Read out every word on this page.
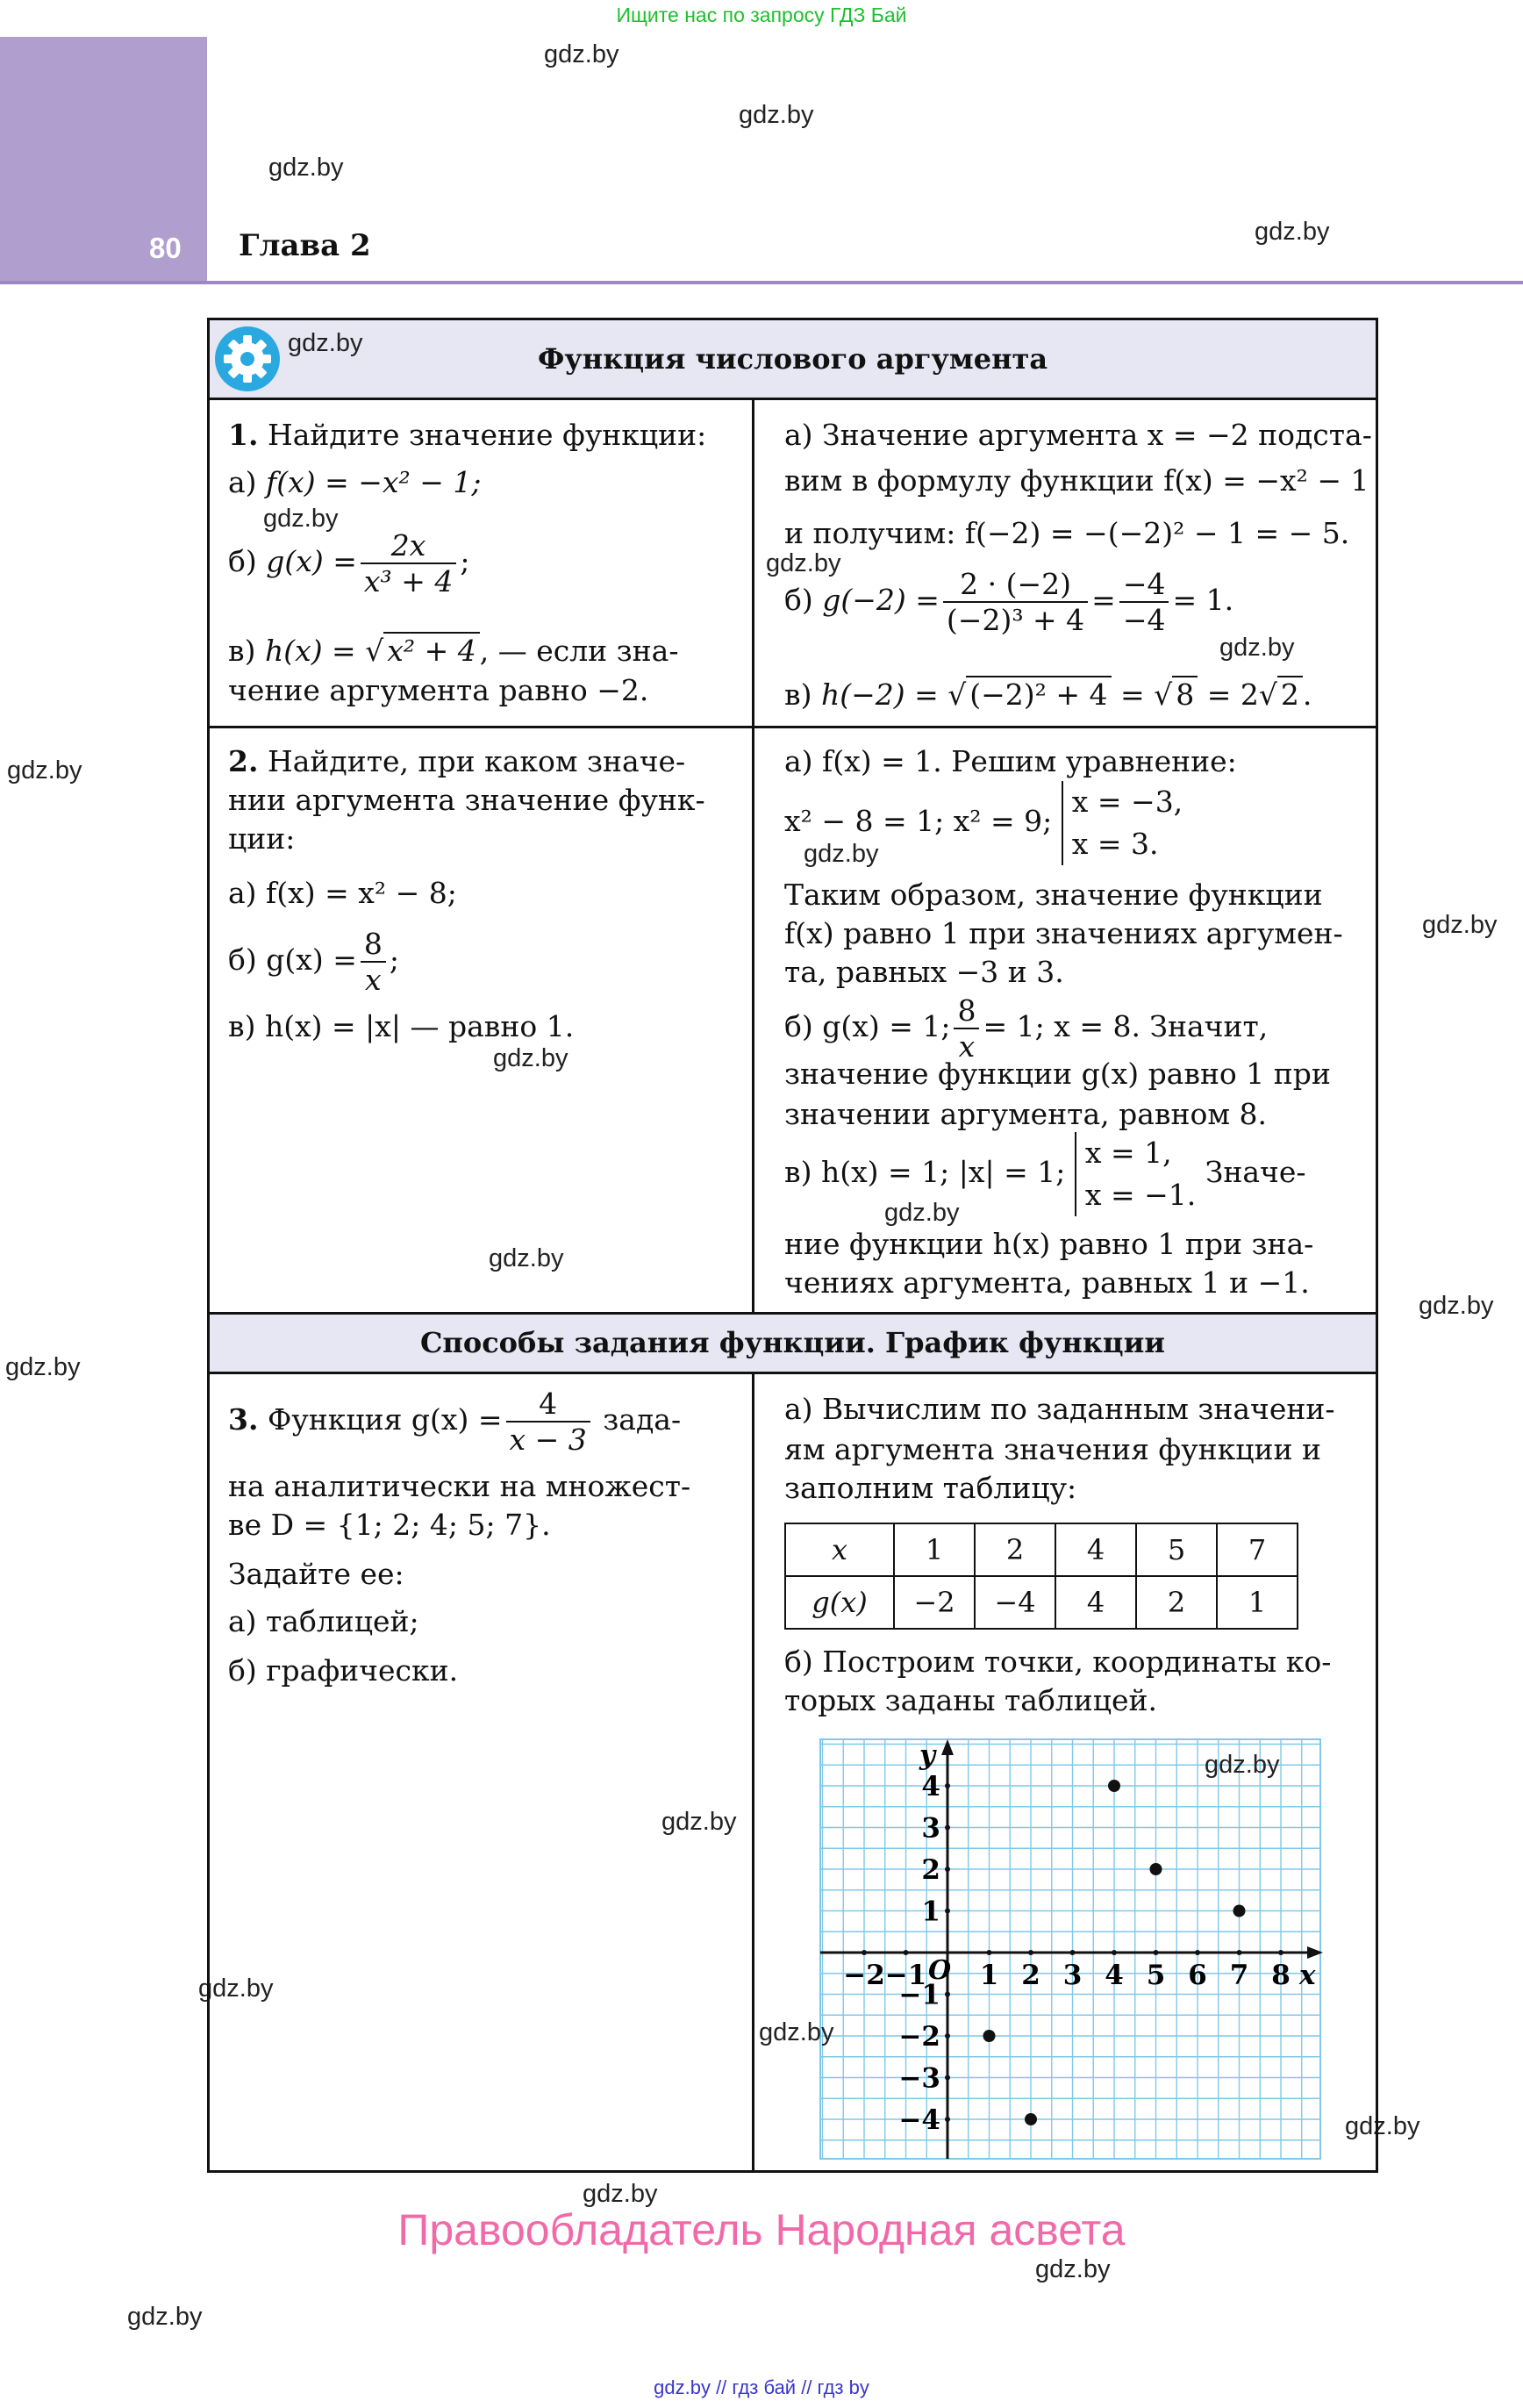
Ищите нас по запросу ГДЗ Бай
80 Глава 2
gdz.by
gdz.by
gdz.by
gdz.by
gdz.by
gdz.by
gdz.by
gdz.by
gdz.by
gdz.by
gdz.by
gdz.by
gdz.by
Функция числового аргумента
Способы задания функции. График функции
gdz.by
1. Найдите значение функции:
а) f(x) = −x² − 1;
gdz.by
б) $g(x) = \frac{2x}{\text{x³ + 4}}$ ;
в) h(x) = √ x² + 4 , — если зна-
чение аргумента равно −2.
а) Значение аргумента x = −2 подста-
вим в формулу функции f(x) = −x² − 1
и получим: f(−2) = −(−2)² − 1 = − 5.
gdz.by
б) $g(-2) = \frac{2 \cdot (-2)}{\text{(−2)³ + 4}} = \frac{-4}{-4} = 1$.
gdz.by
в) h(−2) = √ (−2)² + 4 = √ 8 = 2√ 2 .
2. Найдите, при каком значе-
нии аргумента значение функ-
ции:
а) f(x) = x² − 8;
б) $g(x) = \frac{8}{x}$ ;
в) h(x) = |x| — равно 1.
gdz.by
gdz.by
а) f(x) = 1. Решим уравнение:
x² − 8 = 1; x² = 9; x = −3,
x = 3.
gdz.by
Таким образом, значение функции
f(x) равно 1 при значениях аргумен-
та, равных −3 и 3.
б) g(x) = 1; $\frac{8}{x} = 1$; x = 8. Значит,
значение функции g(x) равно 1 при
значении аргумента, равном 8.
в) h(x) = 1; |x| = 1; x = 1,
x = −1. Значе-
gdz.by
ние функции h(x) равно 1 при зна-
чениях аргумента, равных 1 и −1.
3. Функция $g(x) = \frac{4}{x - 3}$ зада-
на аналитически на множест-
ве D = {1; 2; 4; 5; 7}.
Задайте ее:
а) таблицей;
б) графически.
gdz.by
а) Вычислим по заданным значени-
ям аргумента значения функции и
заполним таблицу:
x	1	2	4	5	7
g(x)	−2	−4	4	2	1
б) Построим точки, координаты ко-
торых заданы таблицей.
−2 −1 1 2 3 4 5 6 7 8
4
3
2
1
−1
−2
−3
−4
O	x
y	gdz.by
gdz.by
Правообладатель Народная асвета
gdz.by // гдз бай // гдз by
